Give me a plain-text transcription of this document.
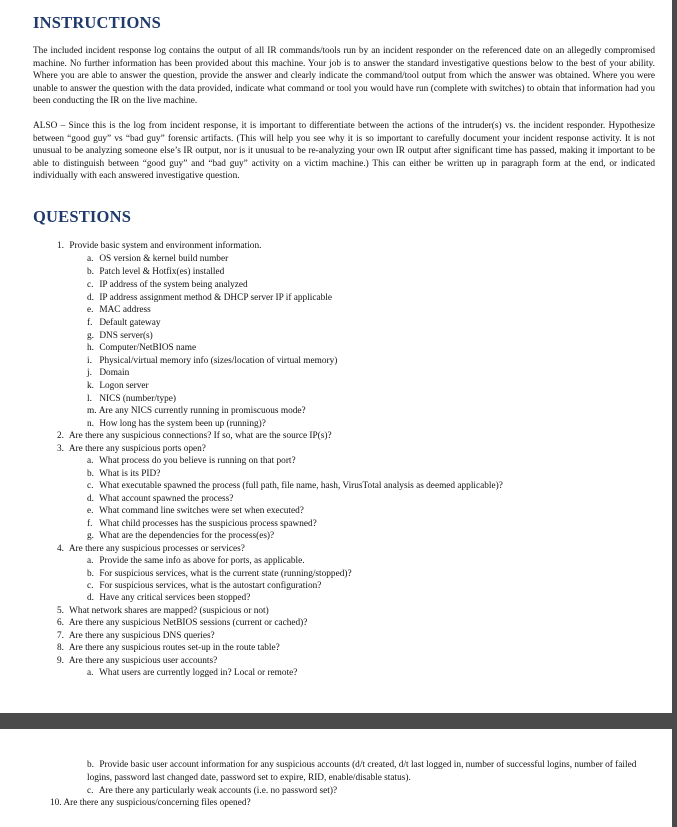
INSTRUCTIONS

The included incident response log contains the output of all IR commands/tools run by an incident responder on the referenced date on an allegedly compromised machine. No further information has been provided about this machine. Your job is to answer the standard investigative questions below to the best of your ability. Where you are able to answer the question, provide the answer and clearly indicate the command/tool output from which the answer was obtained. Where you were unable to answer the question with the data provided, indicate what command or tool you would have run (complete with switches) to obtain that information had you been conducting the IR on the live machine.

ALSO – Since this is the log from incident response, it is important to differentiate between the actions of the intruder(s) vs. the incident responder. Hypothesize between “good guy” vs “bad guy” forensic artifacts. (This will help you see why it is so important to carefully document your incident response activity. It is not unusual to be analyzing someone else’s IR output, nor is it unusual to be re-analyzing your own IR output after significant time has passed, making it important to be able to distinguish between “good guy” and “bad guy” activity on a victim machine.) This can either be written up in paragraph form at the end, or indicated individually with each answered investigative question.

QUESTIONS

1. Provide basic system and environment information.

a. OS version & kernel build number

b. Patch level & Hotfix(es) installed

c. IP address of the system being analyzed

d. IP address assignment method & DHCP server IP if applicable

e. MAC address

f. Default gateway

g. DNS server(s)

h. Computer/NetBIOS name

i. Physical/virtual memory info (sizes/location of virtual memory)

j. Domain

k. Logon server

l. NICS (number/type)

m. Are any NICS currently running in promiscuous mode?

n. How long has the system been up (running)?

2. Are there any suspicious connections? If so, what are the source IP(s)?

3. Are there any suspicious ports open?

a. What process do you believe is running on that port?

b. What is its PID?

c. What executable spawned the process (full path, file name, hash, VirusTotal analysis as deemed applicable)?

d. What account spawned the process?

e. What command line switches were set when executed?

f. What child processes has the suspicious process spawned?

g. What are the dependencies for the process(es)?

4. Are there any suspicious processes or services?

a. Provide the same info as above for ports, as applicable.

b. For suspicious services, what is the current state (running/stopped)?

c. For suspicious services, what is the autostart configuration?

d. Have any critical services been stopped?

5. What network shares are mapped? (suspicious or not)

6. Are there any suspicious NetBIOS sessions (current or cached)?

7. Are there any suspicious DNS queries?

8. Are there any suspicious routes set-up in the route table?

9. Are there any suspicious user accounts?

a. What users are currently logged in? Local or remote?

b. Provide basic user account information for any suspicious accounts (d/t created, d/t last logged in, number of successful logins, number of failed logins, password last changed date, password set to expire, RID, enable/disable status).

c. Are there any particularly weak accounts (i.e. no password set)?

10. Are there any suspicious/concerning files opened?
